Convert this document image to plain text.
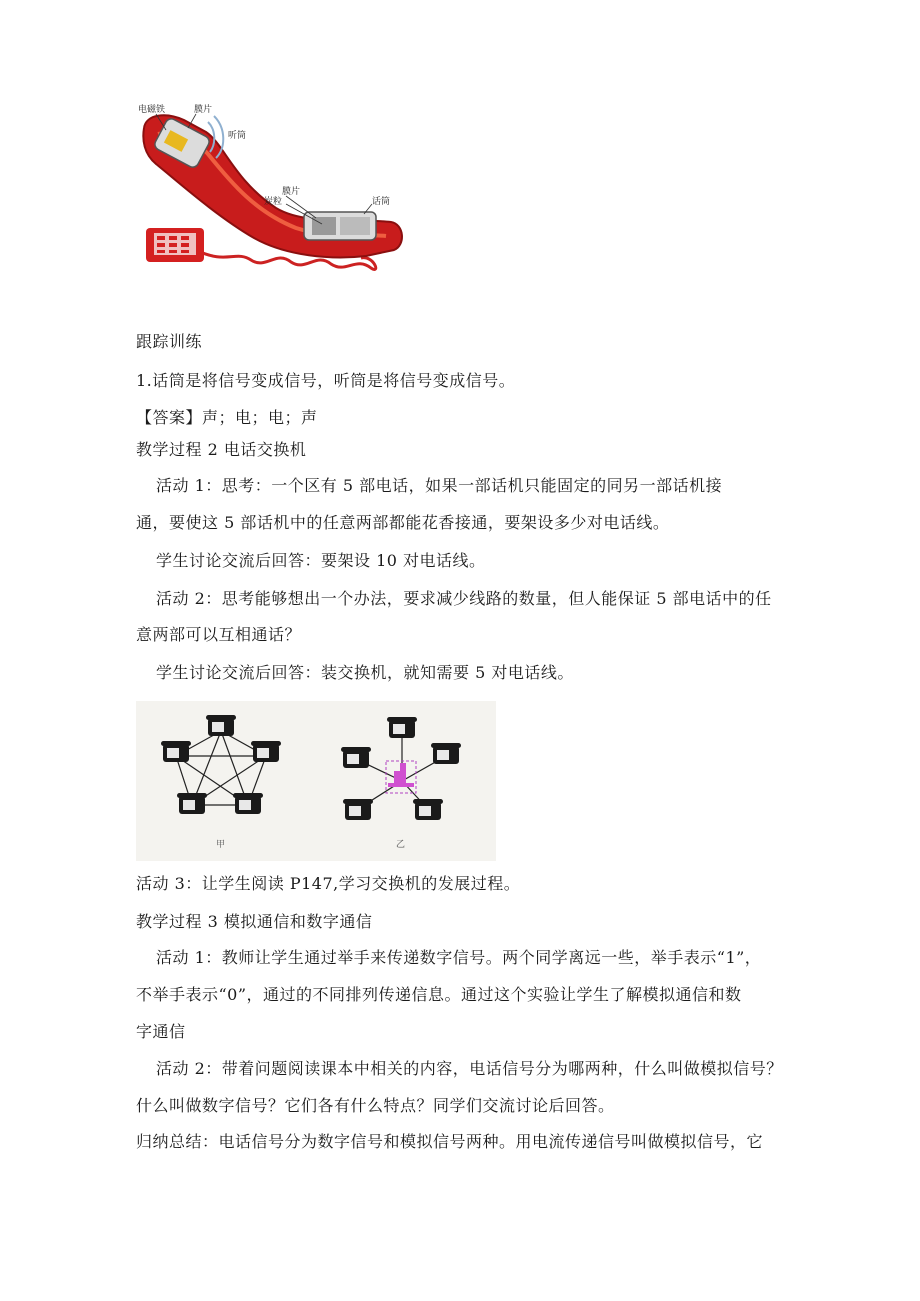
电磁铁	膜片
听筒
膜片
炭粒	话筒
跟踪训练
1.话筒是将信号变成信号，听筒是将信号变成信号。
【答案】声；电；电；声
教学过程 2 电话交换机
活动 1：思考：一个区有 5 部电话，如果一部话机只能固定的同另一部话机接
通，要使这 5 部话机中的任意两部都能花香接通，要架设多少对电话线。
学生讨论交流后回答：要架设 10 对电话线。
活动 2：思考能够想出一个办法，要求减少线路的数量，但人能保证 5 部电话中的任
意两部可以互相通话？
学生讨论交流后回答：装交换机，就知需要 5 对电话线。
甲	乙
活动 3：让学生阅读 P147,学习交换机的发展过程。
教学过程 3 模拟通信和数字通信
活动 1：教师让学生通过举手来传递数字信号。两个同学离远一些，举手表示“1”，
不举手表示“0”，通过的不同排列传递信息。通过这个实验让学生了解模拟通信和数
字通信
活动 2：带着问题阅读课本中相关的内容，电话信号分为哪两种，什么叫做模拟信号？
什么叫做数字信号？它们各有什么特点？同学们交流讨论后回答。
归纳总结：电话信号分为数字信号和模拟信号两种。用电流传递信号叫做模拟信号，它
